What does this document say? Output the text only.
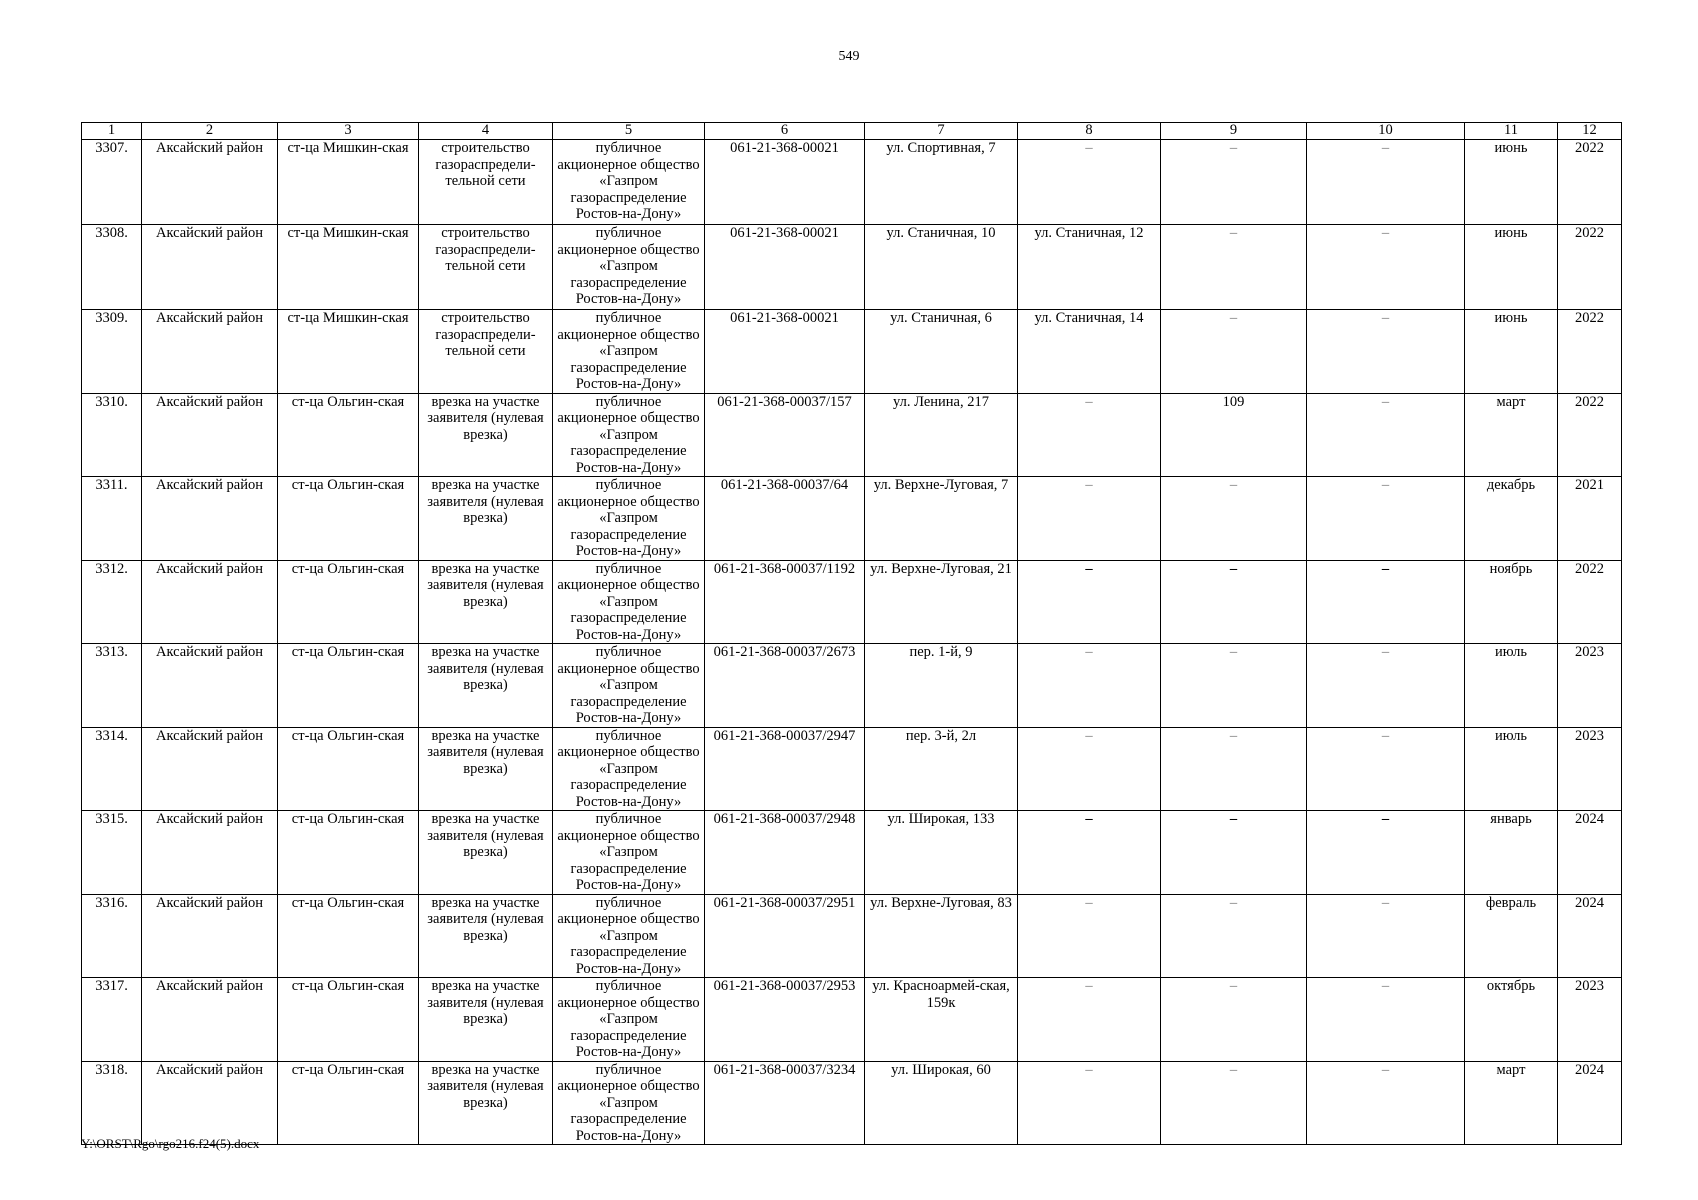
549
1	2	3	4	5	6	7	8	9	10	11	12
3307.	Аксайский район	ст-ца Мишкин-ская	строительство газораспредели-тельной сети	публичное акционерное общество «Газпром газораспределение Ростов-на-Дону»	061-21-368-00021	ул. Спортивная, 7	–	–	–	июнь	2022
3308.	Аксайский район	ст-ца Мишкин-ская	строительство газораспредели-тельной сети	публичное акционерное общество «Газпром газораспределение Ростов-на-Дону»	061-21-368-00021	ул. Станичная, 10	ул. Станичная, 12	–	–	июнь	2022
3309.	Аксайский район	ст-ца Мишкин-ская	строительство газораспредели-тельной сети	публичное акционерное общество «Газпром газораспределение Ростов-на-Дону»	061-21-368-00021	ул. Станичная, 6	ул. Станичная, 14	–	–	июнь	2022
3310.	Аксайский район	ст-ца Ольгин-ская	врезка на участке заявителя (нулевая врезка)	публичное акционерное общество «Газпром газораспределение Ростов-на-Дону»	061-21-368-00037/157	ул. Ленина, 217	–	109	–	март	2022
3311.	Аксайский район	ст-ца Ольгин-ская	врезка на участке заявителя (нулевая врезка)	публичное акционерное общество «Газпром газораспределение Ростов-на-Дону»	061-21-368-00037/64	ул. Верхне-Луговая, 7	–	–	–	декабрь	2021
3312.	Аксайский район	ст-ца Ольгин-ская	врезка на участке заявителя (нулевая врезка)	публичное акционерное общество «Газпром газораспределение Ростов-на-Дону»	061-21-368-00037/1192	ул. Верхне-Луговая, 21	–	–	–	ноябрь	2022
3313.	Аксайский район	ст-ца Ольгин-ская	врезка на участке заявителя (нулевая врезка)	публичное акционерное общество «Газпром газораспределение Ростов-на-Дону»	061-21-368-00037/2673	пер. 1-й, 9	–	–	–	июль	2023
3314.	Аксайский район	ст-ца Ольгин-ская	врезка на участке заявителя (нулевая врезка)	публичное акционерное общество «Газпром газораспределение Ростов-на-Дону»	061-21-368-00037/2947	пер. 3-й, 2л	–	–	–	июль	2023
3315.	Аксайский район	ст-ца Ольгин-ская	врезка на участке заявителя (нулевая врезка)	публичное акционерное общество «Газпром газораспределение Ростов-на-Дону»	061-21-368-00037/2948	ул. Широкая, 133	–	–	–	январь	2024
3316.	Аксайский район	ст-ца Ольгин-ская	врезка на участке заявителя (нулевая врезка)	публичное акционерное общество «Газпром газораспределение Ростов-на-Дону»	061-21-368-00037/2951	ул. Верхне-Луговая, 83	–	–	–	февраль	2024
3317.	Аксайский район	ст-ца Ольгин-ская	врезка на участке заявителя (нулевая врезка)	публичное акционерное общество «Газпром газораспределение Ростов-на-Дону»	061-21-368-00037/2953	ул. Красноармей-ская, 159к	–	–	–	октябрь	2023
3318.	Аксайский район	ст-ца Ольгин-ская	врезка на участке заявителя (нулевая врезка)	публичное акционерное общество «Газпром газораспределение Ростов-на-Дону»	061-21-368-00037/3234	ул. Широкая, 60	–	–	–	март	2024
Y:\ORST\Rgo\rgo216.f24(5).docx
